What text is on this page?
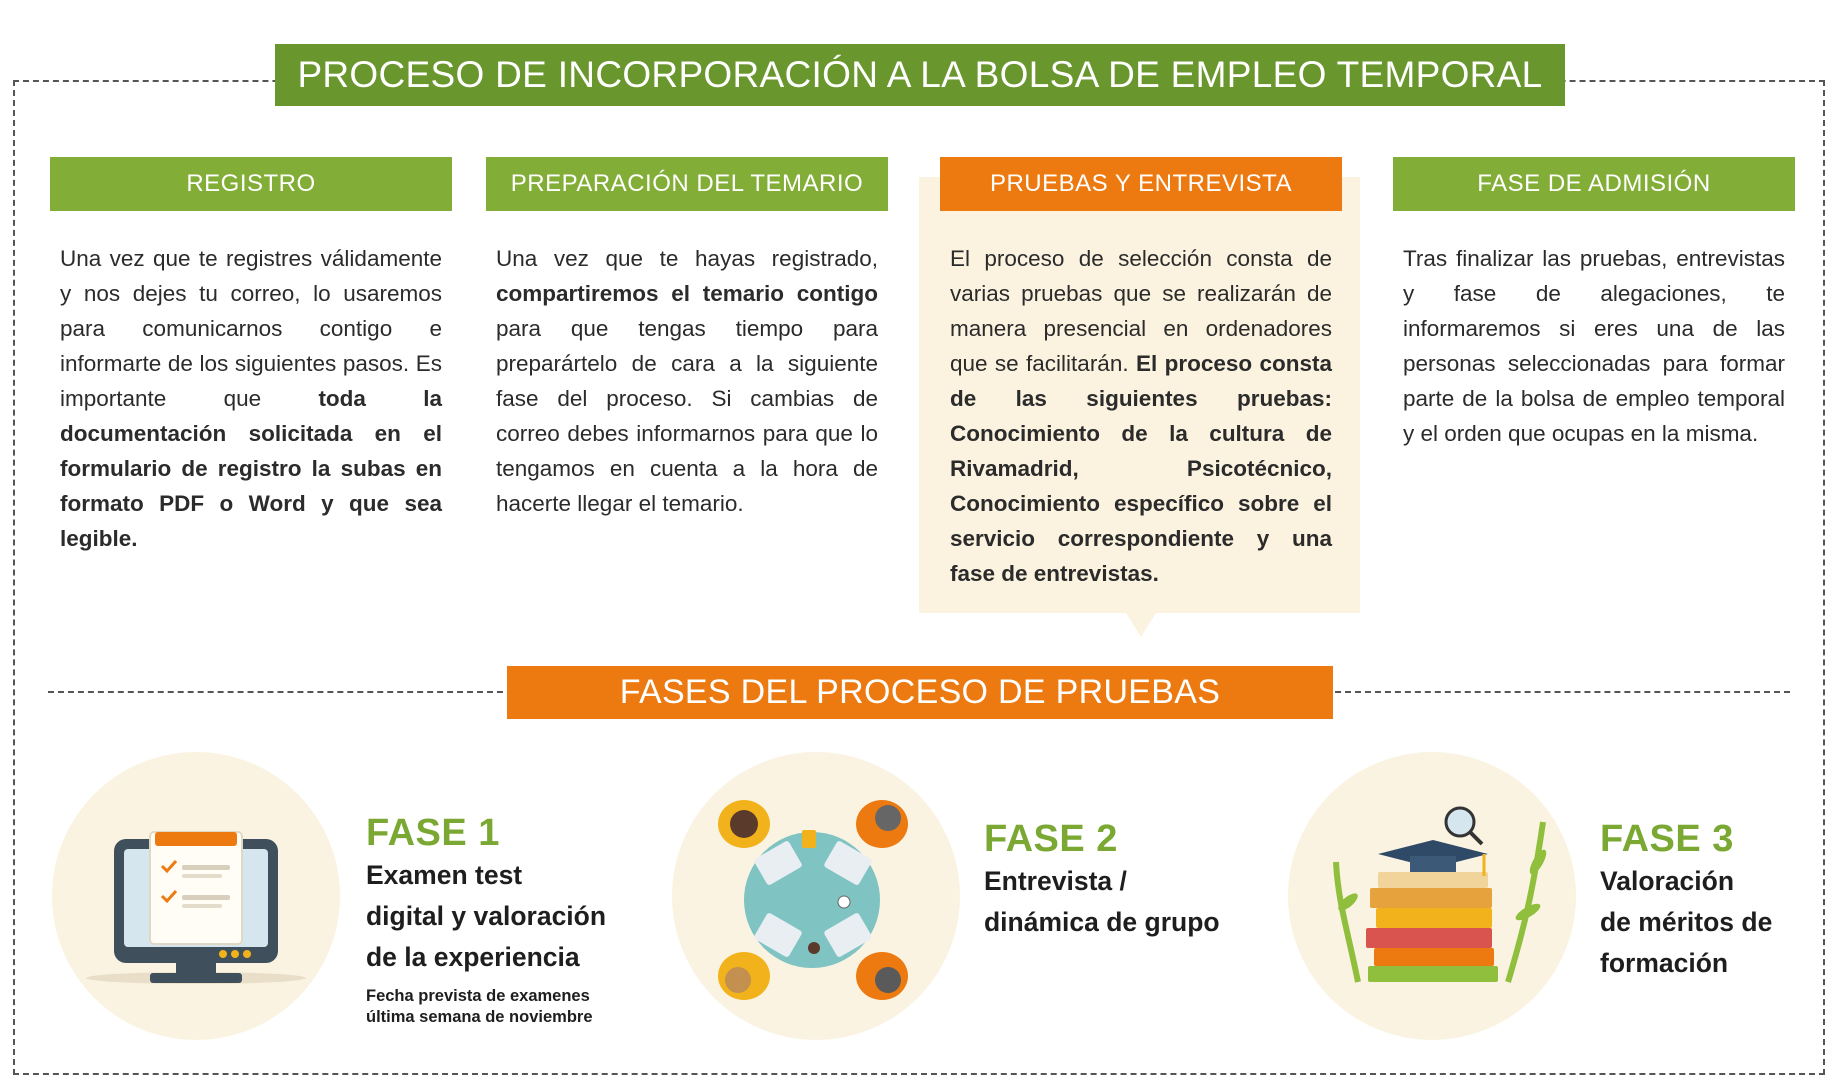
PROCESO DE INCORPORACIÓN A LA BOLSA DE EMPLEO TEMPORAL
REGISTRO
Una vez que te registres válidamente y nos dejes tu correo, lo usaremos para comunicarnos contigo e informarte de los siguientes pasos. Es importante que toda la documentación solicitada en el formulario de registro la subas en formato PDF o Word y que sea legible.
PREPARACIÓN DEL TEMARIO
Una vez que te hayas registrado, compartiremos el temario contigo para que tengas tiempo para preparártelo de cara a la siguiente fase del proceso. Si cambias de correo debes informarnos para que lo tengamos en cuenta a la hora de hacerte llegar el temario.
PRUEBAS Y ENTREVISTA
El proceso de selección consta de varias pruebas que se realizarán de manera presencial en ordenadores que se facilitarán. El proceso consta de las siguientes pruebas: Conocimiento de la cultura de Rivamadrid, Psicotécnico, Conocimiento específico sobre el servicio correspondiente y una fase de entrevistas.
FASE DE ADMISIÓN
Tras finalizar las pruebas, entrevistas y fase de alegaciones, te informaremos si eres una de las personas seleccionadas para formar parte de la bolsa de empleo temporal y el orden que ocupas en la misma.
FASES DEL PROCESO DE PRUEBAS
FASE 1
Examen test
digital y valoración
de la experiencia
Fecha prevista de examenes
última semana de noviembre
FASE 2
Entrevista /
dinámica de grupo
FASE 3
Valoración
de méritos de
formación
